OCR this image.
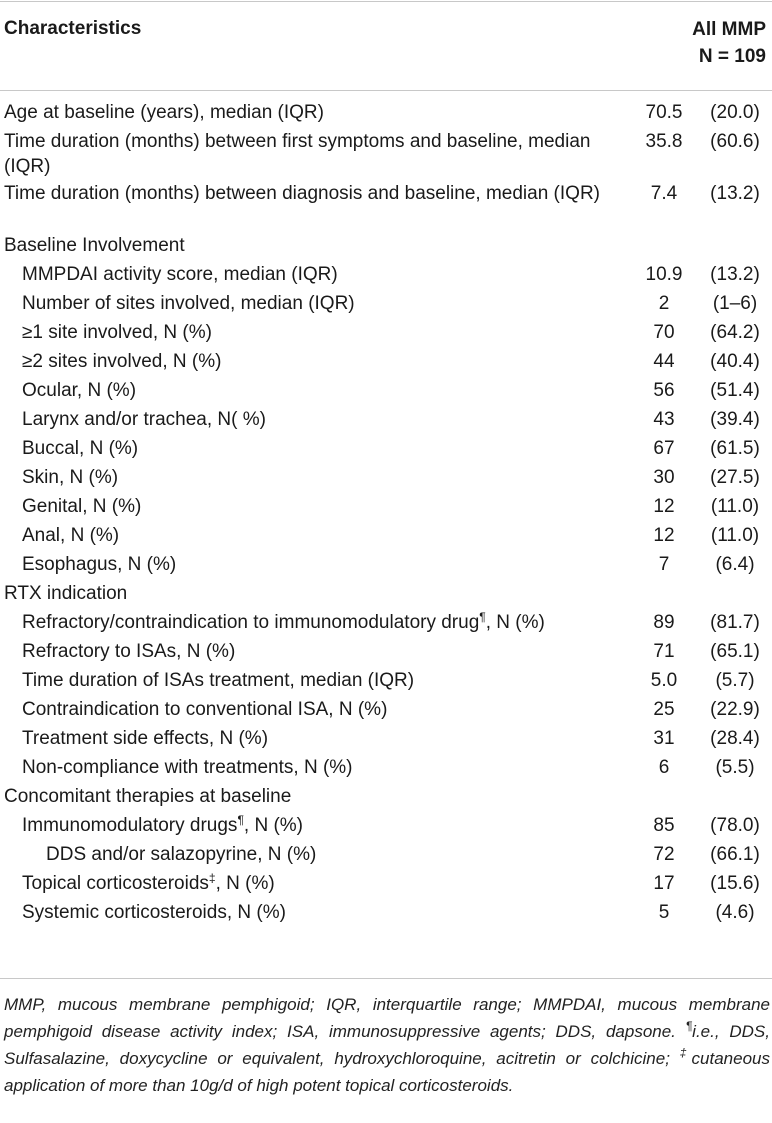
Characteristics	All MMP
N = 109
Age at baseline (years), median (IQR)	70.5	(20.0)
Time duration (months) between first symptoms and baseline, median (IQR)
35.8	(60.6)
Time duration (months) between diagnosis and baseline, median (IQR)	7.4	(13.2)
Baseline Involvement
MMPDAI activity score, median (IQR)	10.9	(13.2)
Number of sites involved, median (IQR)	2	(1–6)
≥1 site involved, N (%)	70	(64.2)
≥2 sites involved, N (%)	44	(40.4)
Ocular, N (%)	56	(51.4)
Larynx and/or trachea, N( %)	43	(39.4)
Buccal, N (%)	67	(61.5)
Skin, N (%)	30	(27.5)
Genital, N (%)	12	(11.0)
Anal, N (%)	12	(11.0)
Esophagus, N (%)	7	(6.4)
RTX indication
Refractory/contraindication to immunomodulatory drug¶, N (%)	89	(81.7)
Refractory to ISAs, N (%)	71	(65.1)
Time duration of ISAs treatment, median (IQR)	5.0	(5.7)
Contraindication to conventional ISA, N (%)	25	(22.9)
Treatment side effects, N (%)	31	(28.4)
Non-compliance with treatments, N (%)	6	(5.5)
Concomitant therapies at baseline
Immunomodulatory drugs¶, N (%)	85	(78.0)
DDS and/or salazopyrine, N (%)	72	(66.1)
Topical corticosteroids‡, N (%)	17	(15.6)
Systemic corticosteroids, N (%)	5	(4.6)
MMP, mucous membrane pemphigoid; IQR, interquartile range; MMPDAI, mucous membrane pemphigoid disease activity index; ISA, immunosuppressive agents; DDS, dapsone. ¶i.e., DDS, Sulfasalazine, doxycycline or equivalent, hydroxychloroquine, acitretin or colchicine; ‡cutaneous application of more than 10g/d of high potent topical corticosteroids.
